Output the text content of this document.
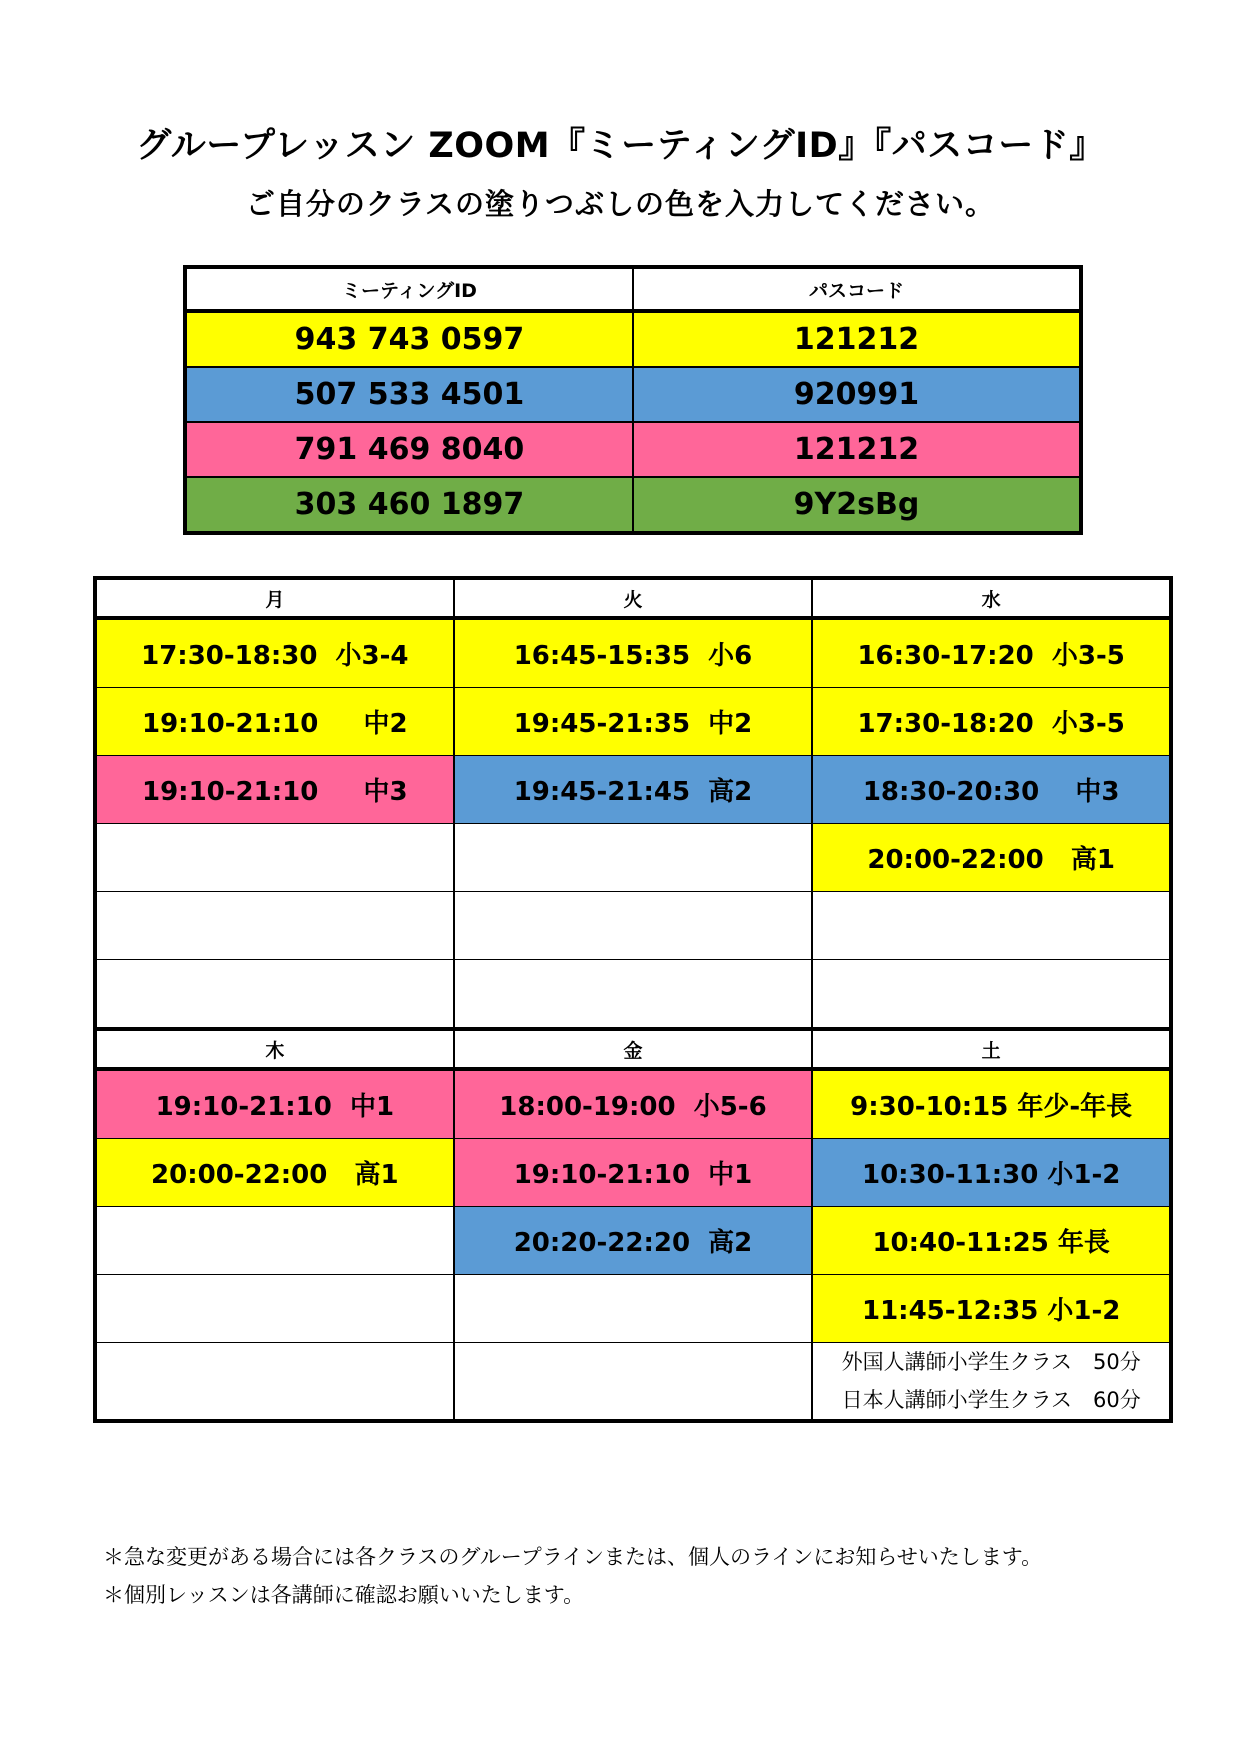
グループレッスン ZOOM『ミーティングID』『パスコード』
ご自分のクラスの塗りつぶしの色を入力してください。
ミーティングID	パスコード
943 743 0597	121212
507 533 4501	920991
791 469 8040	121212
303 460 1897	9Y2sBg
月	火	水
17:30-18:30  小3-4	16:45-15:35  小6	16:30-17:20  小3-5
19:10-21:10     中2	19:45-21:35  中2	17:30-18:20  小3-5
19:10-21:10     中3	19:45-21:45  高2	18:30-20:30    中3
		20:00-22:00   高1

木	金	土
19:10-21:10  中1	18:00-19:00  小5-6	9:30-10:15 年少-年長
20:00-22:00   高1	19:10-21:10  中1	10:30-11:30 小1-2
	20:20-22:20  高2	10:40-11:25 年長
		11:45-12:35 小1-2

		外国人講師小学生クラス　50分
日本人講師小学生クラス　60分
＊急な変更がある場合には各クラスのグループラインまたは、個人のラインにお知らせいたします。
＊個別レッスンは各講師に確認お願いいたします。
